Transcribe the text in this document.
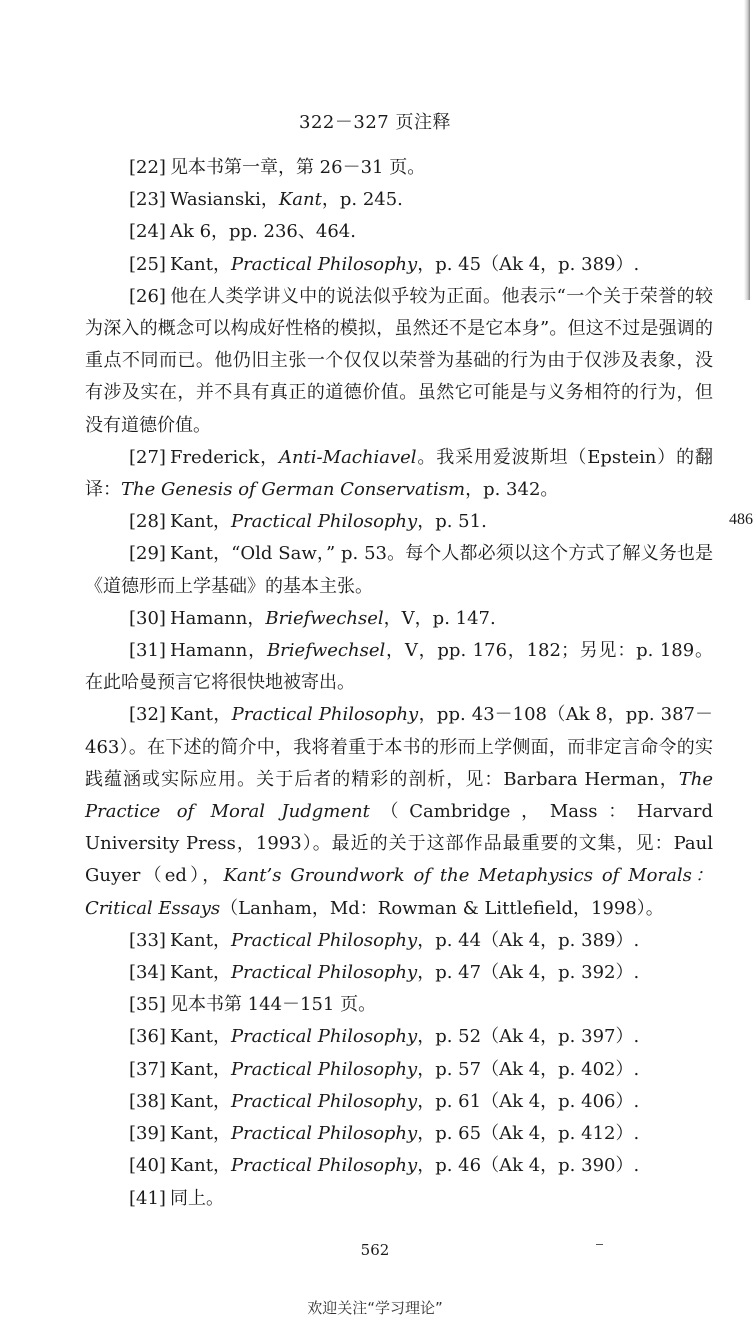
322－327 页注释

[22] 见本书第一章，第 26－31 页。

[23] Wasianski，Kant，p. 245.

[24] Ak 6，pp. 236、464.

[25] Kant，Practical Philosophy，p. 45（Ak 4，p. 389）.

[26] 他在人类学讲义中的说法似乎较为正面。他表示“一个关于荣誉的较为深入的概念可以构成好性格的模拟，虽然还不是它本身”。但这不过是强调的重点不同而已。他仍旧主张一个仅仅以荣誉为基础的行为由于仅涉及表象，没有涉及实在，并不具有真正的道德价值。虽然它可能是与义务相符的行为，但没有道德价值。

[27] Frederick，Anti-Machiavel。我采用爱波斯坦（Epstein）的翻译：The Genesis of German Conservatism，p. 342。

[28] Kant，Practical Philosophy，p. 51.

[29] Kant，“Old Saw，” p. 53。每个人都必须以这个方式了解义务也是《道德形而上学基础》的基本主张。

[30] Hamann，Briefwechsel，V，p. 147.

[31] Hamann，Briefwechsel，V，pp. 176，182；另见：p. 189。在此哈曼预言它将很快地被寄出。

[32] Kant，Practical Philosophy，pp. 43－108（Ak 8，pp. 387－463）。在下述的简介中，我将着重于本书的形而上学侧面，而非定言命令的实践蕴涵或实际应用。关于后者的精彩的剖析，见：Barbara Herman，The Practice of Moral Judgment（Cambridge，Mass：Harvard University Press，1993）。最近的关于这部作品最重要的文集，见：Paul Guyer（ed），Kant’s Groundwork of the Metaphysics of Morals：Critical Essays（Lanham，Md：Rowman & Littlefield，1998）。

[33] Kant，Practical Philosophy，p. 44（Ak 4，p. 389）.

[34] Kant，Practical Philosophy，p. 47（Ak 4，p. 392）.

[35] 见本书第 144－151 页。

[36] Kant，Practical Philosophy，p. 52（Ak 4，p. 397）.

[37] Kant，Practical Philosophy，p. 57（Ak 4，p. 402）.

[38] Kant，Practical Philosophy，p. 61（Ak 4，p. 406）.

[39] Kant，Practical Philosophy，p. 65（Ak 4，p. 412）.

[40] Kant，Practical Philosophy，p. 46（Ak 4，p. 390）.

[41] 同上。

486
562
欢迎关注“学习理论”
